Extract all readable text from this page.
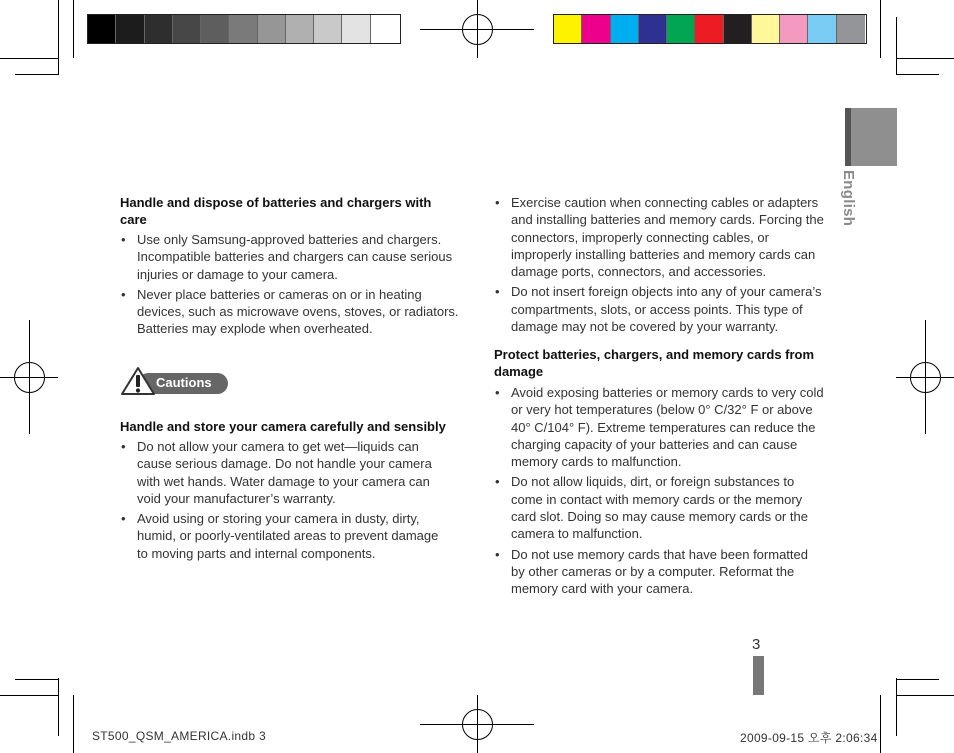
English
Handle and dispose of batteries and chargers with care
• Use only Samsung-approved batteries and chargers. Incompatible batteries and chargers can cause serious injuries or damage to your camera.
• Never place batteries or cameras on or in heating devices, such as microwave ovens, stoves, or radiators. Batteries may explode when overheated.
Cautions
Handle and store your camera carefully and sensibly
• Do not allow your camera to get wet—liquids can cause serious damage. Do not handle your camera with wet hands. Water damage to your camera can void your manufacturer’s warranty.
• Avoid using or storing your camera in dusty, dirty, humid, or poorly-ventilated areas to prevent damage to moving parts and internal components.
• Exercise caution when connecting cables or adapters and installing batteries and memory cards. Forcing the connectors, improperly connecting cables, or improperly installing batteries and memory cards can damage ports, connectors, and accessories.
• Do not insert foreign objects into any of your camera’s compartments, slots, or access points. This type of damage may not be covered by your warranty.
Protect batteries, chargers, and memory cards from damage
• Avoid exposing batteries or memory cards to very cold or very hot temperatures (below 0° C/32° F or above 40° C/104° F). Extreme temperatures can reduce the charging capacity of your batteries and can cause memory cards to malfunction.
• Do not allow liquids, dirt, or foreign substances to come in contact with memory cards or the memory card slot. Doing so may cause memory cards or the camera to malfunction.
• Do not use memory cards that have been formatted by other cameras or by a computer. Reformat the memory card with your camera.
3
ST500_QSM_AMERICA.indb 3	2009-09-15 오후 2:06:34
